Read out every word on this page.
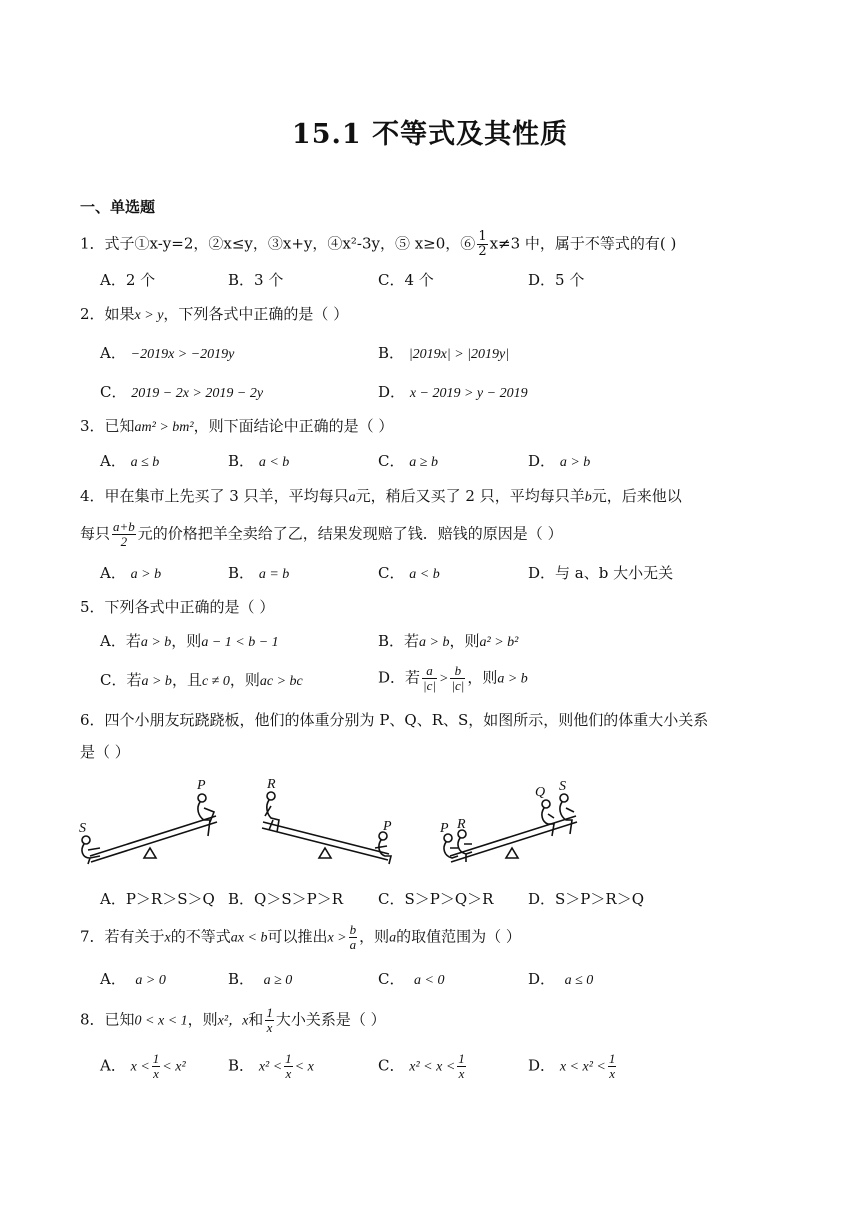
15.1 不等式及其性质
一、单选题
1．式子①x-y=2，②x≤y，③x+y，④x²-3y，⑤ x≥0，⑥ $\frac{1}{2} x\ne 3$ 中，属于不等式的有( )
A．2 个	B．3 个	C．4 个	D．5 个
2．如果x > y，下列各式中正确的是（ ）
A． −2019x > −2019y	B． |2019x| > |2019y|
C． 2019 − 2x > 2019 − 2y	D． x − 2019 > y − 2019
3．已知am² > bm²，则下面结论中正确的是（ ）
A． a ≤ b	B． a < b	C． a ≥ b	D． a > b
4．甲在集市上先买了 3 只羊，平均每只a元，稍后又买了 2 只，平均每只羊b元，后来他以
每只 $\frac{a+b}{2}$ 元的价格把羊全卖给了乙，结果发现赔了钱．赔钱的原因是（ ）
A． a > b	B． a = b	C． a < b	D．与 a、b 大小无关
5．下列各式中正确的是（ ）
A．若a > b，则a − 1 < b − 1	B．若a > b，则a² > b²
C．若a > b，且c ≠ 0，则ac > bc	D．若 $\frac{a}{|c|} > \frac{b}{|c|}$ ，则a > b
6．四个小朋友玩跷跷板，他们的体重分别为 P、Q、R、S，如图所示，则他们的体重大小关系
是（ ）
S
P	R
P	P R
Q S
A．P＞R＞S＞Q B．Q＞S＞P＞R C．S＞P＞Q＞R D．S＞P＞R＞Q
7．若有关于x的不等式ax < b可以推出$x > \frac{b}{a}$ ，则a的取值范围为（ ）
A． a > 0	B． a ≥ 0	C． a < 0	D． a ≤ 0
8．已知0 < x < 1，则x²，x和 $\frac{1}{x}$ 大小关系是（ ）
A． $x < \frac{1}{x} < x^2$	B． $x^2 < \frac{1}{x} < x$	C． $x^2 < x < \frac{1}{x}$	D． $x < x^2 < \frac{1}{x}$
